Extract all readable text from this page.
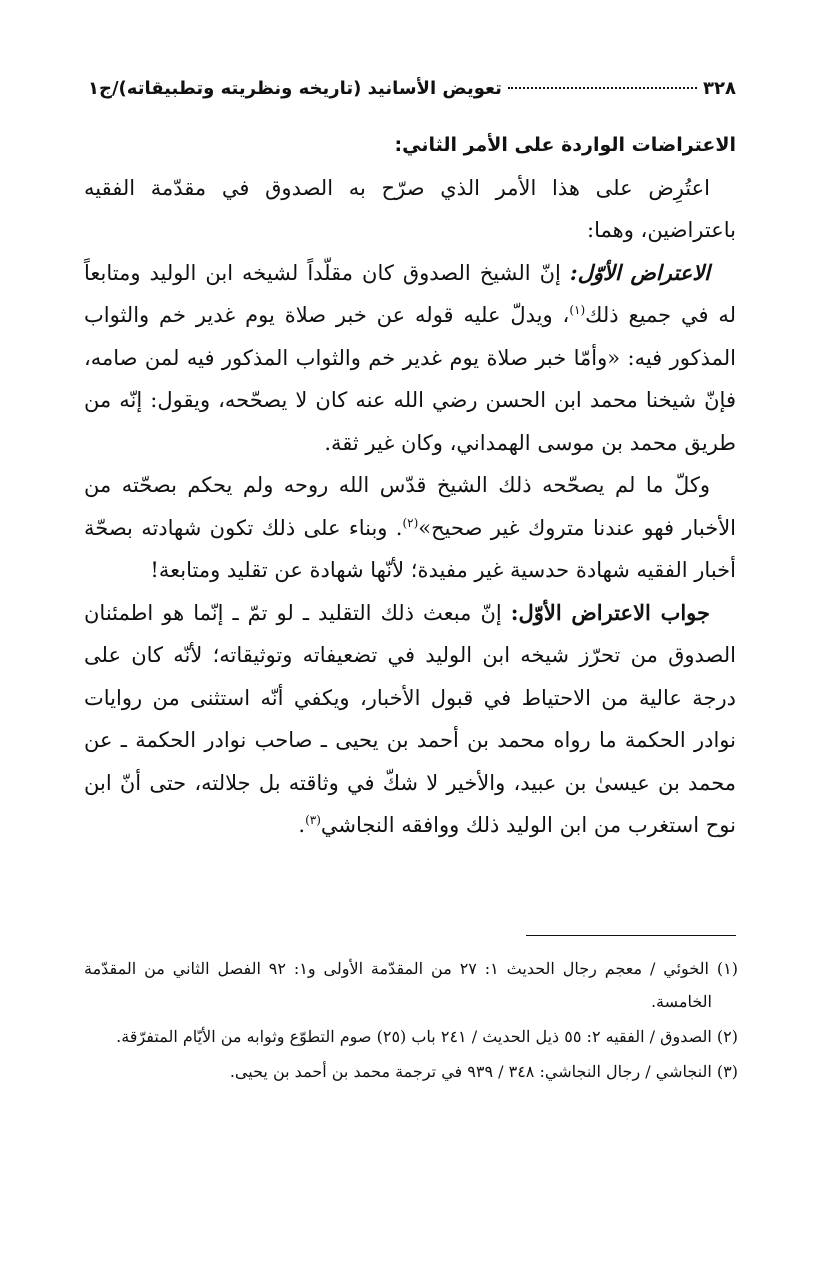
٣٢٨
تعويض الأسانيد (تاريخه ونظريته وتطبيقاته)/ج١

الاعتراضات الواردة على الأمر الثاني:

اعتُرِض على هذا الأمر الذي صرّح به الصدوق في مقدّمة الفقيه باعتراضين، وهما:

الاعتراض الأوّل: إنّ الشيخ الصدوق كان مقلّداً لشيخه ابن الوليد ومتابعاً له في جميع ذلك$^{(١)}$، ويدلّ عليه قوله عن خبر صلاة يوم غدير خم والثواب المذكور فيه: «وأمّا خبر صلاة يوم غدير خم والثواب المذكور فيه لمن صامه، فإنّ شيخنا محمد ابن الحسن رضي الله عنه كان لا يصحّحه، ويقول: إنّه من طريق محمد بن موسى الهمداني، وكان غير ثقة.

وكلّ ما لم يصحّحه ذلك الشيخ قدّس الله روحه ولم يحكم بصحّته من الأخبار فهو عندنا متروك غير صحيح»$^{(٢)}$. وبناء على ذلك تكون شهادته بصحّة أخبار الفقيه شهادة حدسية غير مفيدة؛ لأنّها شهادة عن تقليد ومتابعة!

جواب الاعتراض الأوّل: إنّ مبعث ذلك التقليد ـ لو تمّ ـ إنّما هو اطمئنان الصدوق من تحرّز شيخه ابن الوليد في تضعيفاته وتوثيقاته؛ لأنّه كان على درجة عالية من الاحتياط في قبول الأخبار، ويكفي أنّه استثنى من روايات نوادر الحكمة ما رواه محمد بن أحمد بن يحيى ـ صاحب نوادر الحكمة ـ عن محمد بن عيسىٰ بن عبيد، والأخير لا شكّ في وثاقته بل جلالته، حتى أنّ ابن نوح استغرب من ابن الوليد ذلك ووافقه النجاشي$^{(٣)}$.

(١) الخوئي / معجم رجال الحديث ١: ٢٧ من المقدّمة الأولى و١: ٩٢ الفصل الثاني من المقدّمة الخامسة.

(٢) الصدوق / الفقيه ٢: ٥٥ ذيل الحديث / ٢٤١ باب (٢٥) صوم التطوّع وثوابه من الأيّام المتفرّقة.

(٣) النجاشي / رجال النجاشي: ٣٤٨ / ٩٣٩ في ترجمة محمد بن أحمد بن يحيى.
